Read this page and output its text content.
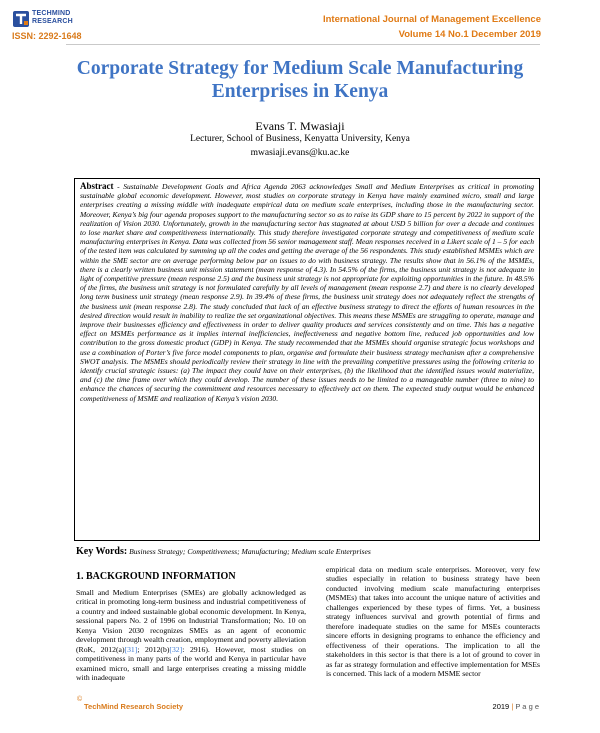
TECHMIND
RESEARCH
ISSN: 2292-1648
International Journal of Management Excellence
Volume 14 No.1 December 2019
Corporate Strategy for Medium Scale Manufacturing Enterprises in Kenya
Evans T. Mwasiaji
Lecturer, School of Business, Kenyatta University, Kenya
mwasiaji.evans@ku.ac.ke

Abstract - Sustainable Development Goals and Africa Agenda 2063 acknowledges Small and Medium Enterprises as critical in promoting sustainable global economic development. However, most studies on corporate strategy in Kenya have mainly examined micro, small and large enterprises creating a missing middle with inadequate empirical data on medium scale enterprises, including those in the manufacturing sector. Moreover, Kenya’s big four agenda proposes support to the manufacturing sector so as to raise its GDP share to 15 percent by 2022 in support of the realization of Vision 2030. Unfortunately, growth in the manufacturing sector has stagnated at about USD 5 billion for over a decade and continues to lose market share and competitiveness internationally. This study therefore investigated corporate strategy and competitiveness of medium scale manufacturing enterprises in Kenya. Data was collected from 56 senior management staff. Mean responses received in a Likert scale of 1 – 5 for each of the tested item was calculated by summing up all the codes and getting the average of the 56 respondents. This study established MSMEs which are within the SME sector are on average performing below par on issues to do with business strategy. The results show that in 56.1% of the MSMEs, there is a clearly written business unit mission statement (mean response of 4.3). In 54.5% of the firms, the business unit strategy is not adequate in light of competitive pressure (mean response 2.5) and the business unit strategy is not appropriate for exploiting opportunities in the future. In 48.5% of the firms, the business unit strategy is not formulated carefully by all levels of management (mean response 2.7) and there is no clearly developed long term business unit strategy (mean response 2.9). In 39.4% of these firms, the business unit strategy does not adequately reflect the strengths of the business unit (mean response 2.8). The study concluded that lack of an effective business strategy to direct the efforts of human resources in the desired direction would result in inability to realize the set organizational objectives. This means these MSMEs are struggling to operate, manage and improve their businesses efficiency and effectiveness in order to deliver quality products and services consistently and on time. This has a negative effect on MSMEs performance as it implies internal inefficiencies, ineffectiveness and negative bottom line, reduced job opportunities and low contribution to the gross domestic product (GDP) in Kenya. The study recommended that the MSMEs should organise strategic focus workshops and use a combination of Porter’s five force model components to plan, organise and formulate their business strategy mechanism after a comprehensive SWOT analysis. The MSMEs should periodically review their strategy in line with the prevailing competitive pressures using the following criteria to identify crucial strategic issues: (a) The impact they could have on their enterprises, (b) the likelihood that the identified issues would materialize, and (c) the time frame over which they could develop. The number of these issues needs to be limited to a manageable number (three to nine) to enhance the chances of securing the commitment and resources necessary to effectively act on them. The expected study output would be enhanced competitiveness of MSME and realization of Kenya’s vision 2030.

Key Words: Business Strategy; Competitiveness; Manufacturing; Medium scale Enterprises
1. BACKGROUND INFORMATION
Small and Medium Enterprises (SMEs) are globally acknowledged as critical in promoting long-term business and industrial competitiveness of a country and indeed sustainable global economic development. In Kenya, sessional papers No. 2 of 1996 on Industrial Transformation; No. 10 on Kenya Vision 2030 recognizes SMEs as an agent of economic development through wealth creation, employment and poverty alleviation (RoK, 2012(a)[31]; 2012(b)[32]: 2916). However, most studies on competitiveness in many parts of the world and Kenya in particular have examined micro, small and large enterprises creating a missing middle with inadequate
empirical data on medium scale enterprises. Moreover, very few studies especially in relation to business strategy have been conducted involving medium scale manufacturing enterprises (MSMEs) that takes into account the unique nature of activities and challenges experienced by these types of firms. Yet, a business strategy influences survival and growth potential of firms and therefore inadequate studies on the same for MSEs counteracts sincere efforts in designing programs to enhance the efficiency and effectiveness of their operations. The implication to all the stakeholders in this sector is that there is a lot of ground to cover in as far as strategy formulation and effective implementation for MSEs is concerned. This lack of a modern MSME sector
©
TechMind Research Society	2019 | P a g e
